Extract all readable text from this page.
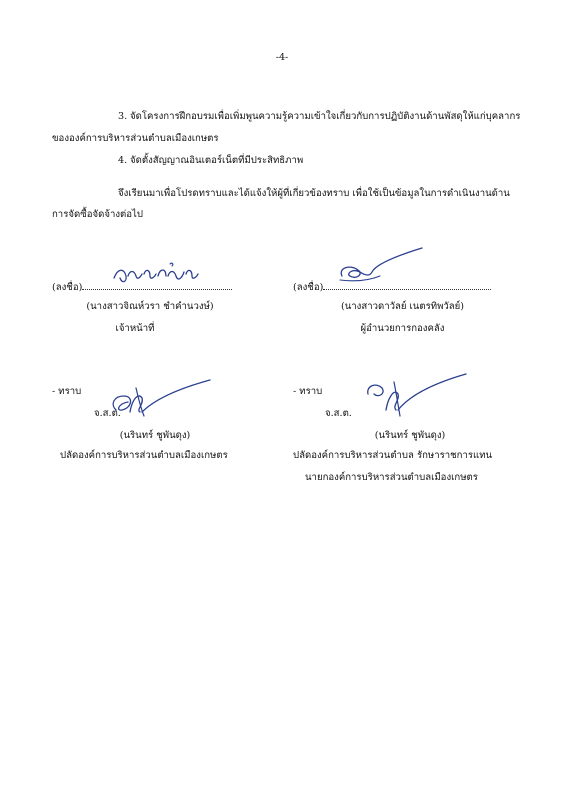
-4-
3. จัดโครงการฝึกอบรมเพื่อเพิ่มพูนความรู้ความเข้าใจเกี่ยวกับการปฏิบัติงานด้านพัสดุให้แก่บุคลากร
ขององค์การบริหารส่วนตำบลเมืองเกษตร
4. จัดตั้งสัญญาณอินเตอร์เน็ตที่มีประสิทธิภาพ
จึงเรียนมาเพื่อโปรดทราบและได้แจ้งให้ผู้ที่เกี่ยวข้องทราบ เพื่อใช้เป็นข้อมูลในการดำเนินงานด้าน
การจัดซื้อจัดจ้างต่อไป
(ลงชื่อ)
(นางสาวจิณห์วรา ชำคำนวงษ์)
เจ้าหน้าที่
(ลงชื่อ)
(นางสาวดาวัลย์ เนตรทิพวัลย์)
ผู้อำนวยการกองคลัง
- ทราบ
จ.ส.ต.
(นรินทร์ ชูพันดุง)
ปลัดองค์การบริหารส่วนตำบลเมืองเกษตร
- ทราบ
จ.ส.ต.
(นรินทร์ ชูพันดุง)
ปลัดองค์การบริหารส่วนตำบล รักษาราชการแทน
นายกองค์การบริหารส่วนตำบลเมืองเกษตร
